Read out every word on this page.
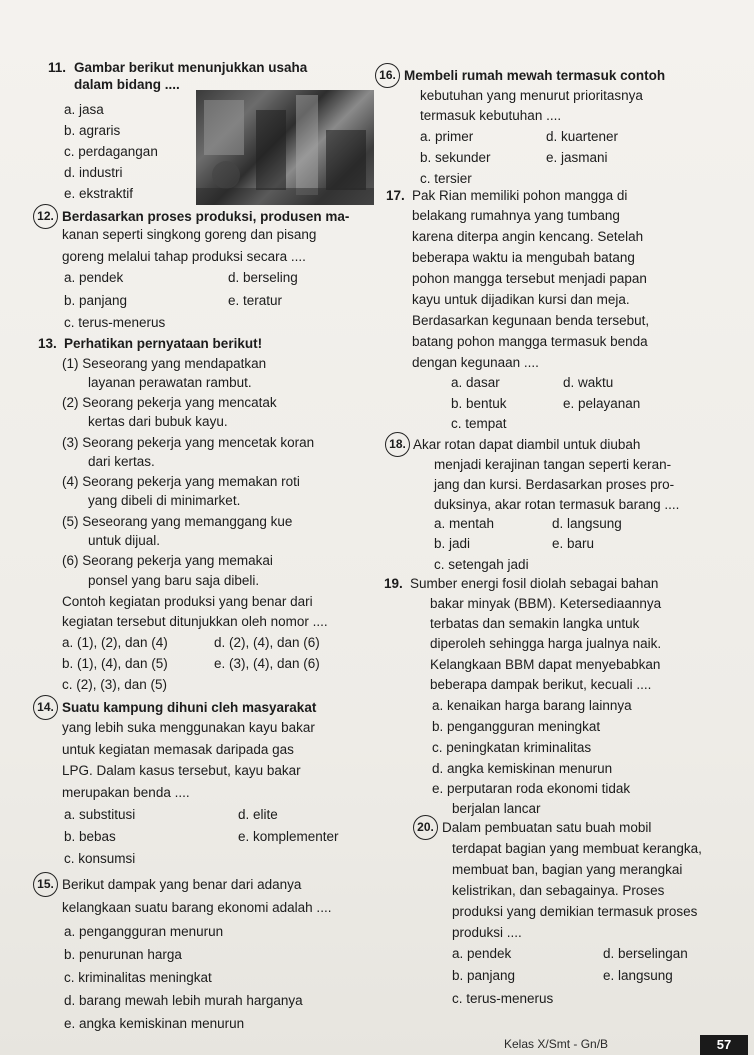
11. Gambar berikut menunjukkan usaha
dalam bidang ....
a. jasa
b. agraris
c. perdagangan
d. industri
e. ekstraktif
12. Berdasarkan proses produksi, produsen ma-
kanan seperti singkong goreng dan pisang
goreng melalui tahap produksi secara ....
a. pendek
b. panjang
c. terus-menerus
d. berseling
e. teratur
13. Perhatikan pernyataan berikut!
(1) Seseorang yang mendapatkan
layanan perawatan rambut.
(2) Seorang pekerja yang mencatak
kertas dari bubuk kayu.
(3) Seorang pekerja yang mencetak koran
dari kertas.
(4) Seorang pekerja yang memakan roti
yang dibeli di minimarket.
(5) Seseorang yang memanggang kue
untuk dijual.
(6) Seorang pekerja yang memakai
ponsel yang baru saja dibeli.
Contoh kegiatan produksi yang benar dari
kegiatan tersebut ditunjukkan oleh nomor ....
a. (1), (2), dan (4)
b. (1), (4), dan (5)
c. (2), (3), dan (5)
d. (2), (4), dan (6)
e. (3), (4), dan (6)
14. Suatu kampung dihuni cleh masyarakat
yang lebih suka menggunakan kayu bakar
untuk kegiatan memasak daripada gas
LPG. Dalam kasus tersebut, kayu bakar
merupakan benda ....
a. substitusi
b. bebas
c. konsumsi
d. elite
e. komplementer
15. Berikut dampak yang benar dari adanya
kelangkaan suatu barang ekonomi adalah ....
a. pengangguran menurun
b. penurunan harga
c. kriminalitas meningkat
d. barang mewah lebih murah harganya
e. angka kemiskinan menurun
16. Membeli rumah mewah termasuk contoh
kebutuhan yang menurut prioritasnya
termasuk kebutuhan ....
a. primer
b. sekunder
c. tersier
d. kuartener
e. jasmani
17. Pak Rian memiliki pohon mangga di
belakang rumahnya yang tumbang
karena diterpa angin kencang. Setelah
beberapa waktu ia mengubah batang
pohon mangga tersebut menjadi papan
kayu untuk dijadikan kursi dan meja.
Berdasarkan kegunaan benda tersebut,
batang pohon mangga termasuk benda
dengan kegunaan ....
a. dasar
b. bentuk
c. tempat
d. waktu
e. pelayanan
18. Akar rotan dapat diambil untuk diubah
menjadi kerajinan tangan seperti keran-
jang dan kursi. Berdasarkan proses pro-
duksinya, akar rotan termasuk barang ....
a. mentah
b. jadi
c. setengah jadi
d. langsung
e. baru
19. Sumber energi fosil diolah sebagai bahan
bakar minyak (BBM). Ketersediaannya
terbatas dan semakin langka untuk
diperoleh sehingga harga jualnya naik.
Kelangkaan BBM dapat menyebabkan
beberapa dampak berikut, kecuali ....
a. kenaikan harga barang lainnya
b. pengangguran meningkat
c. peningkatan kriminalitas
d. angka kemiskinan menurun
e. perputaran roda ekonomi tidak
berjalan lancar
20. Dalam pembuatan satu buah mobil
terdapat bagian yang membuat kerangka,
membuat ban, bagian yang merangkai
kelistrikan, dan sebagainya. Proses
produksi yang demikian termasuk proses
produksi ....
a. pendek
b. panjang
c. terus-menerus
d. berselingan
e. langsung
Kelas X/Smt - Gn/B	57
